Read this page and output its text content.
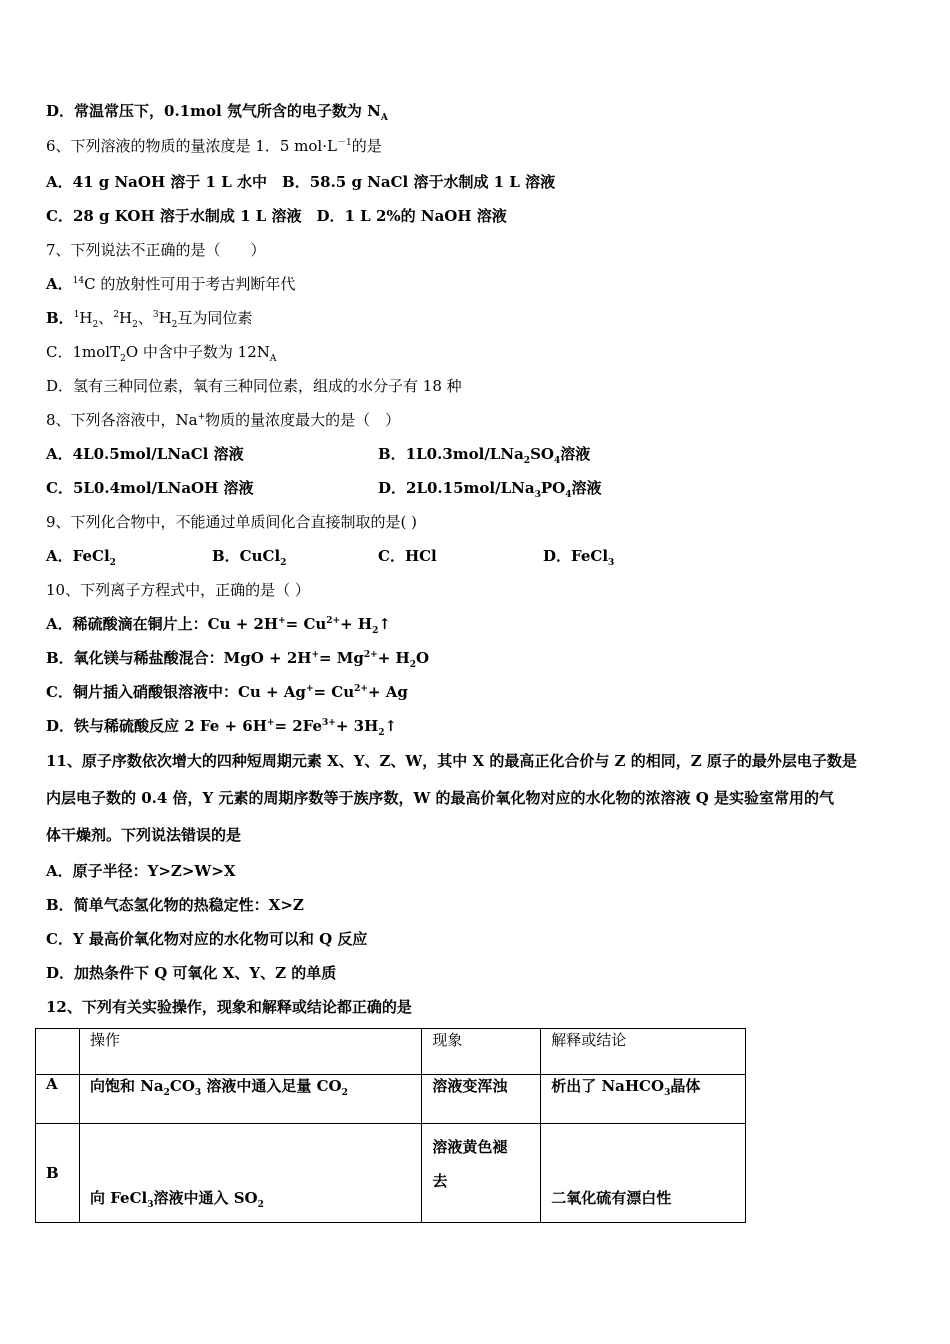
D．常温常压下，0.1mol 氖气所含的电子数为 $N_A$
6、下列溶液的物质的量浓度是 1．5 $mol\cdot L^{-1}$的是
A．41 g NaOH 溶于 1 L 水中　 B．58.5 g NaCl 溶于水制成 1 L 溶液
C．28 g KOH 溶于水制成 1 L 溶液　 D．1 L 2%的 NaOH 溶液
7、下列说法不正确的是（　　）
A．$^{14}$C 的放射性可用于考古判断年代
B．$^1H_2$、$^2H_2$、$^3H_2$互为同位素
C．1molT$_2$O 中含中子数为 $12N_A$
D．氢有三种同位素，氧有三种同位素，组成的水分子有 18 种
8、下列各溶液中，Na+物质的量浓度最大的是（　）
A．4L0.5mol/LNaCl 溶液	B．$1L0.3mol/LNa_2SO_4$溶液
C．5L0.4mol/LNaOH 溶液	D．$2L0.15mol/LNa_3PO_4$溶液
9、下列化合物中，不能通过单质间化合直接制取的是( )
A．FeCl$_2$	B．CuCl$_2$	C．HCl	D．FeCl$_3$
10、下列离子方程式中，正确的是（ ）
A．稀硫酸滴在铜片上：$Cu + 2H^+= Cu^{2+}+$ $H_2↑$
B．氧化镁与稀盐酸混合：MgO + $2H^+= Mg^{2+}+ H_2O$
C．铜片插入硝酸银溶液中：$Cu + Ag^+= Cu^{2+}+ Ag$
D．铁与稀硫酸反应 2 $Fe + 6H^+= 2Fe^{3+}+$ $3H_2↑$
11、原子序数依次增大的四种短周期元素 X、Y、Z、W，其中 X 的最高正化合价与 Z 的相同，Z 原子的最外层电子数是
内层电子数的 0.4 倍，Y 元素的周期序数等于族序数，W 的最高价氧化物对应的水化物的浓溶液 Q 是实验室常用的气
体干燥剂。下列说法错误的是
A．原子半径：Y>Z>W>X
B．简单气态氢化物的热稳定性：X>Z
C．Y 最高价氧化物对应的水化物可以和 Q 反应
D．加热条件下 Q 可氧化 X、Y、Z 的单质
12、下列有关实验操作，现象和解释或结论都正确的是
	操作	现象	解释或结论
A	向饱和 $Na_2CO_3$ 溶液中通入足量 $CO_2$	溶液变浑浊	析出了 NaHCO$_3$晶体
B	向 FeCl$_3$溶液中通入 $SO_2$	溶液黄色褪
去	二氧化硫有漂白性
